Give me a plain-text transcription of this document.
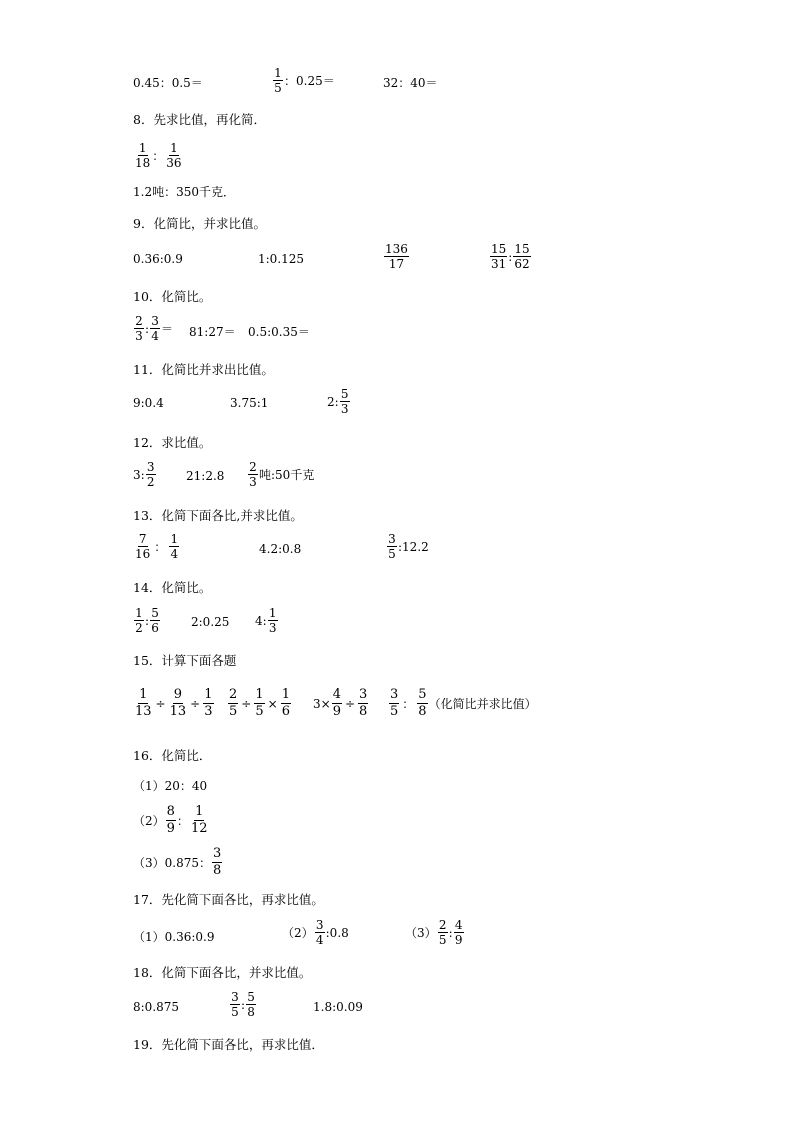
0.45：0.5＝	$\frac{1}{5}$ ：0.25＝	32：40＝
8．先求比值，再化简．
$\frac{1}{18}$ ： $\frac{1}{36}$
1.2吨：350千克．
9．化简比，并求比值。
0.36:0.9	1:0.125	$\frac{136}{17}$	$\frac{15}{31}$ : $\frac{15}{62}$
10．化简比。
$\frac{2}{3}$ : $\frac{3}{4}$ ＝ 81:27＝ 0.5:0.35＝
11．化简比并求出比值。
9:0.4	3.75:1	2: $\frac{5}{3}$
12．求比值。
3: $\frac{3}{2}$	21:2.8 $\frac{2}{3}$ 吨:50千克
13．化简下面各比,并求比值。
$\frac{7}{16}$ ： $\frac{1}{4}$	4.2:0.8	$\frac{3}{5}$ :12.2
14．化简比。
$\frac{1}{2}$ : $\frac{5}{6}$	2:0.25 4: $\frac{1}{3}$
15．计算下面各题
$\frac{1}{13} \div \frac{9}{13} \div \frac{1}{3} \frac{2}{5} \div \frac{1}{5} \times \frac{1}{6} 3\times \frac{4}{9} \div \frac{3}{8} \frac{3}{5}$ ： $\frac{5}{8}$ （化简比并求比值）
16．化简比．
（1）20：40
$(2) \frac{8}{9}$ ： $\frac{1}{12}$
（3）0.875： $\frac{3}{8}$
17．先化简下面各比，再求比值。
（1）0.36:0.9	$(2) \frac{3}{4}$ :0.8	$(3) \frac{2}{5}$ : $\frac{4}{9}$
18．化简下面各比，并求比值。
8:0.875	$\frac{3}{5}$ : $\frac{5}{8}$	1.8:0.09
19．先化简下面各比，再求比值．
